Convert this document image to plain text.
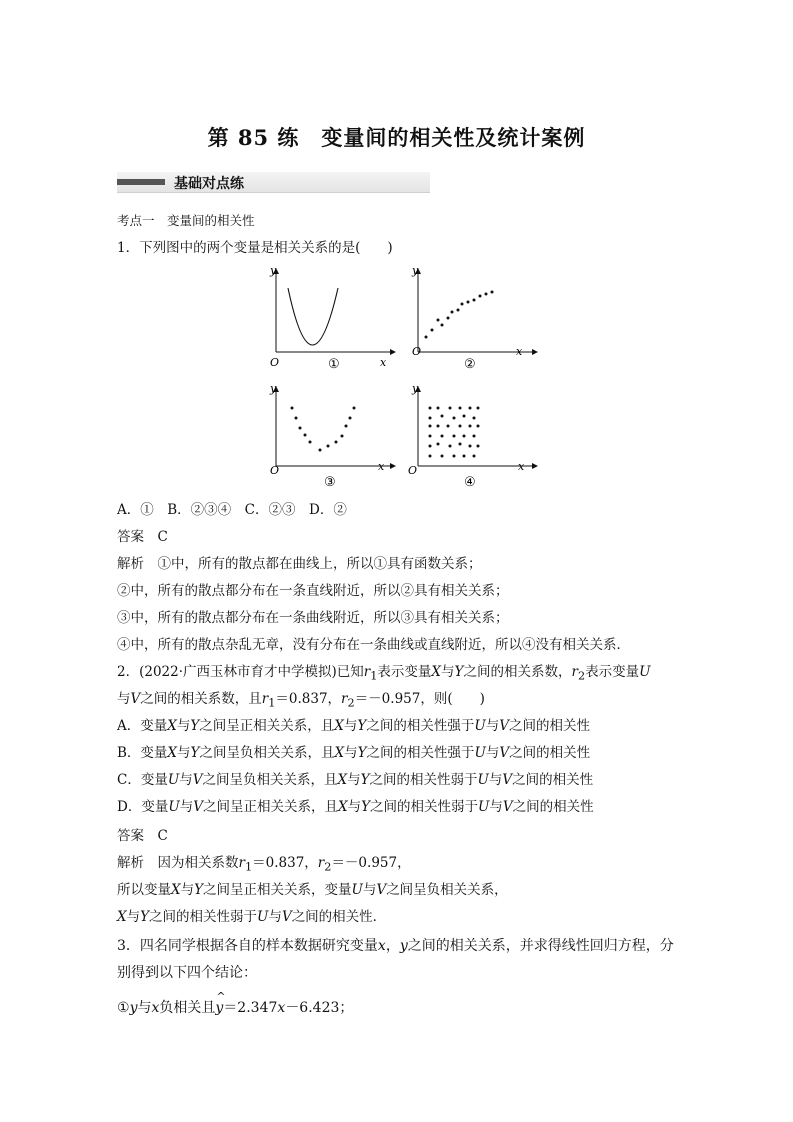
第 85 练　变量间的相关性及统计案例
基础对点练
考点一　变量间的相关性
1．下列图中的两个变量是相关关系的是(　　)
y
x
O	①
y
x
O
②
y
x
O
③
y
x
O
④
A．①　B．②③④　C．②③　D．②
答案　 C
解析　 ①中，所有的散点都在曲线上，所以①具有函数关系；
②中，所有的散点都分布在一条直线附近，所以②具有相关关系；
③中，所有的散点都分布在一条曲线附近，所以③具有相关关系；
④中，所有的散点杂乱无章，没有分布在一条曲线或直线附近，所以④没有相关关系．
2．(2022·广西玉林市育才中学模拟)已知$r_1$表示变量X与Y之间的相关系数，$r_2$表示变量U
与V之间的相关系数，且$r_1=0.837$，$r_2=-0.957$，则(　　)
A．变量X与Y之间呈正相关关系，且X与Y之间的相关性强于U与V之间的相关性
B．变量X与Y之间呈负相关关系，且X与Y之间的相关性强于U与V之间的相关性
C．变量U与V之间呈负相关关系，且X与Y之间的相关性弱于U与V之间的相关性
D．变量U与V之间呈正相关关系，且X与Y之间的相关性弱于U与V之间的相关性
答案　 C
解析　 因为相关系数$r_1=0.837$，$r_2=-0.957$，
所以变量X与Y之间呈正相关关系，变量U与V之间呈负相关关系，
X与Y之间的相关性弱于U与V之间的相关性．
3．四名同学根据各自的样本数据研究变量x，y之间的相关关系，并求得线性回归方程，分
别得到以下四个结论：
①y与x负相关且^ y＝2.347x－6.423；
